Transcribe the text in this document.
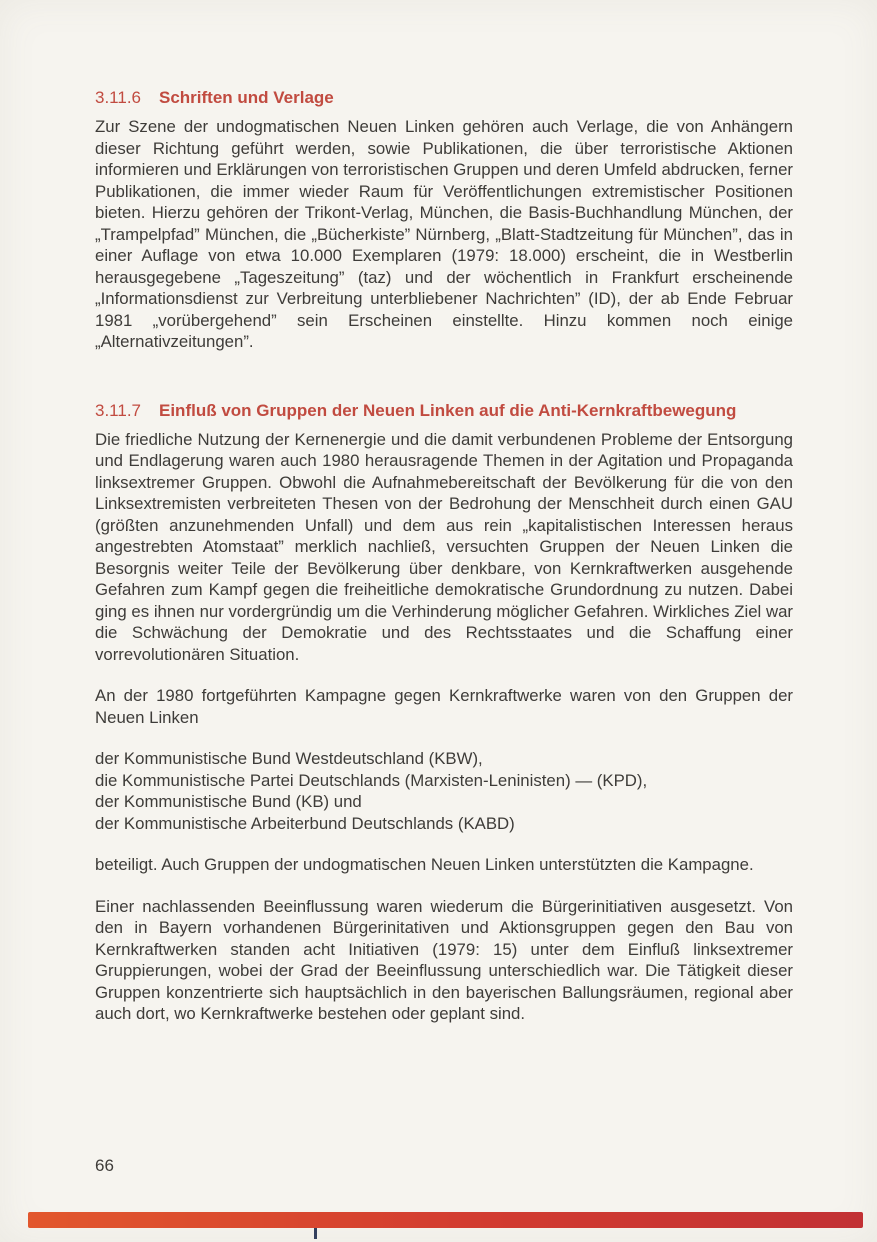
3.11.6	Schriften und Verlage

Zur Szene der undogmatischen Neuen Linken gehören auch Verlage, die von Anhängern dieser Richtung geführt werden, sowie Publikationen, die über terroristische Aktionen informieren und Erklärungen von terroristischen Gruppen und deren Umfeld abdrucken, ferner Publikationen, die immer wieder Raum für Veröffentlichungen extremistischer Positionen bieten. Hierzu gehören der Trikont-Verlag, München, die Basis-Buchhandlung München, der „Trampelpfad” München, die „Bücherkiste” Nürnberg, „Blatt-Stadtzeitung für München”, das in einer Auflage von etwa 10.000 Exemplaren (1979: 18.000) erscheint, die in Westberlin herausgegebene „Tageszeitung” (taz) und der wöchentlich in Frankfurt erscheinende „Informationsdienst zur Verbreitung unterbliebener Nachrichten” (ID), der ab Ende Februar 1981 „vorübergehend” sein Erscheinen einstellte. Hinzu kommen noch einige „Alternativzeitungen”.

3.11.7	Einfluß von Gruppen der Neuen Linken auf die Anti-Kernkraftbewegung

Die friedliche Nutzung der Kernenergie und die damit verbundenen Probleme der Entsorgung und Endlagerung waren auch 1980 herausragende Themen in der Agitation und Propaganda linksextremer Gruppen. Obwohl die Aufnahmebereitschaft der Bevölkerung für die von den Linksextremisten verbreiteten Thesen von der Bedrohung der Menschheit durch einen GAU (größten anzunehmenden Unfall) und dem aus rein „kapitalistischen Interessen heraus angestrebten Atomstaat” merklich nachließ, versuchten Gruppen der Neuen Linken die Besorgnis weiter Teile der Bevölkerung über denkbare, von Kernkraftwerken ausgehende Gefahren zum Kampf gegen die freiheitliche demokratische Grundordnung zu nutzen. Dabei ging es ihnen nur vordergründig um die Verhinderung möglicher Gefahren. Wirkliches Ziel war die Schwächung der Demokratie und des Rechtsstaates und die Schaffung einer vorrevolutionären Situation.

An der 1980 fortgeführten Kampagne gegen Kernkraftwerke waren von den Gruppen der Neuen Linken

der Kommunistische Bund Westdeutschland (KBW),
die Kommunistische Partei Deutschlands (Marxisten-Leninisten) — (KPD),
der Kommunistische Bund (KB) und
der Kommunistische Arbeiterbund Deutschlands (KABD)

beteiligt. Auch Gruppen der undogmatischen Neuen Linken unterstützten die Kampagne.

Einer nachlassenden Beeinflussung waren wiederum die Bürgerinitiativen ausgesetzt. Von den in Bayern vorhandenen Bürgerinitativen und Aktionsgruppen gegen den Bau von Kernkraftwerken standen acht Initiativen (1979: 15) unter dem Einfluß linksextremer Gruppierungen, wobei der Grad der Beeinflussung unterschiedlich war. Die Tätigkeit dieser Gruppen konzentrierte sich hauptsächlich in den bayerischen Ballungsräumen, regional aber auch dort, wo Kernkraftwerke bestehen oder geplant sind.

66
